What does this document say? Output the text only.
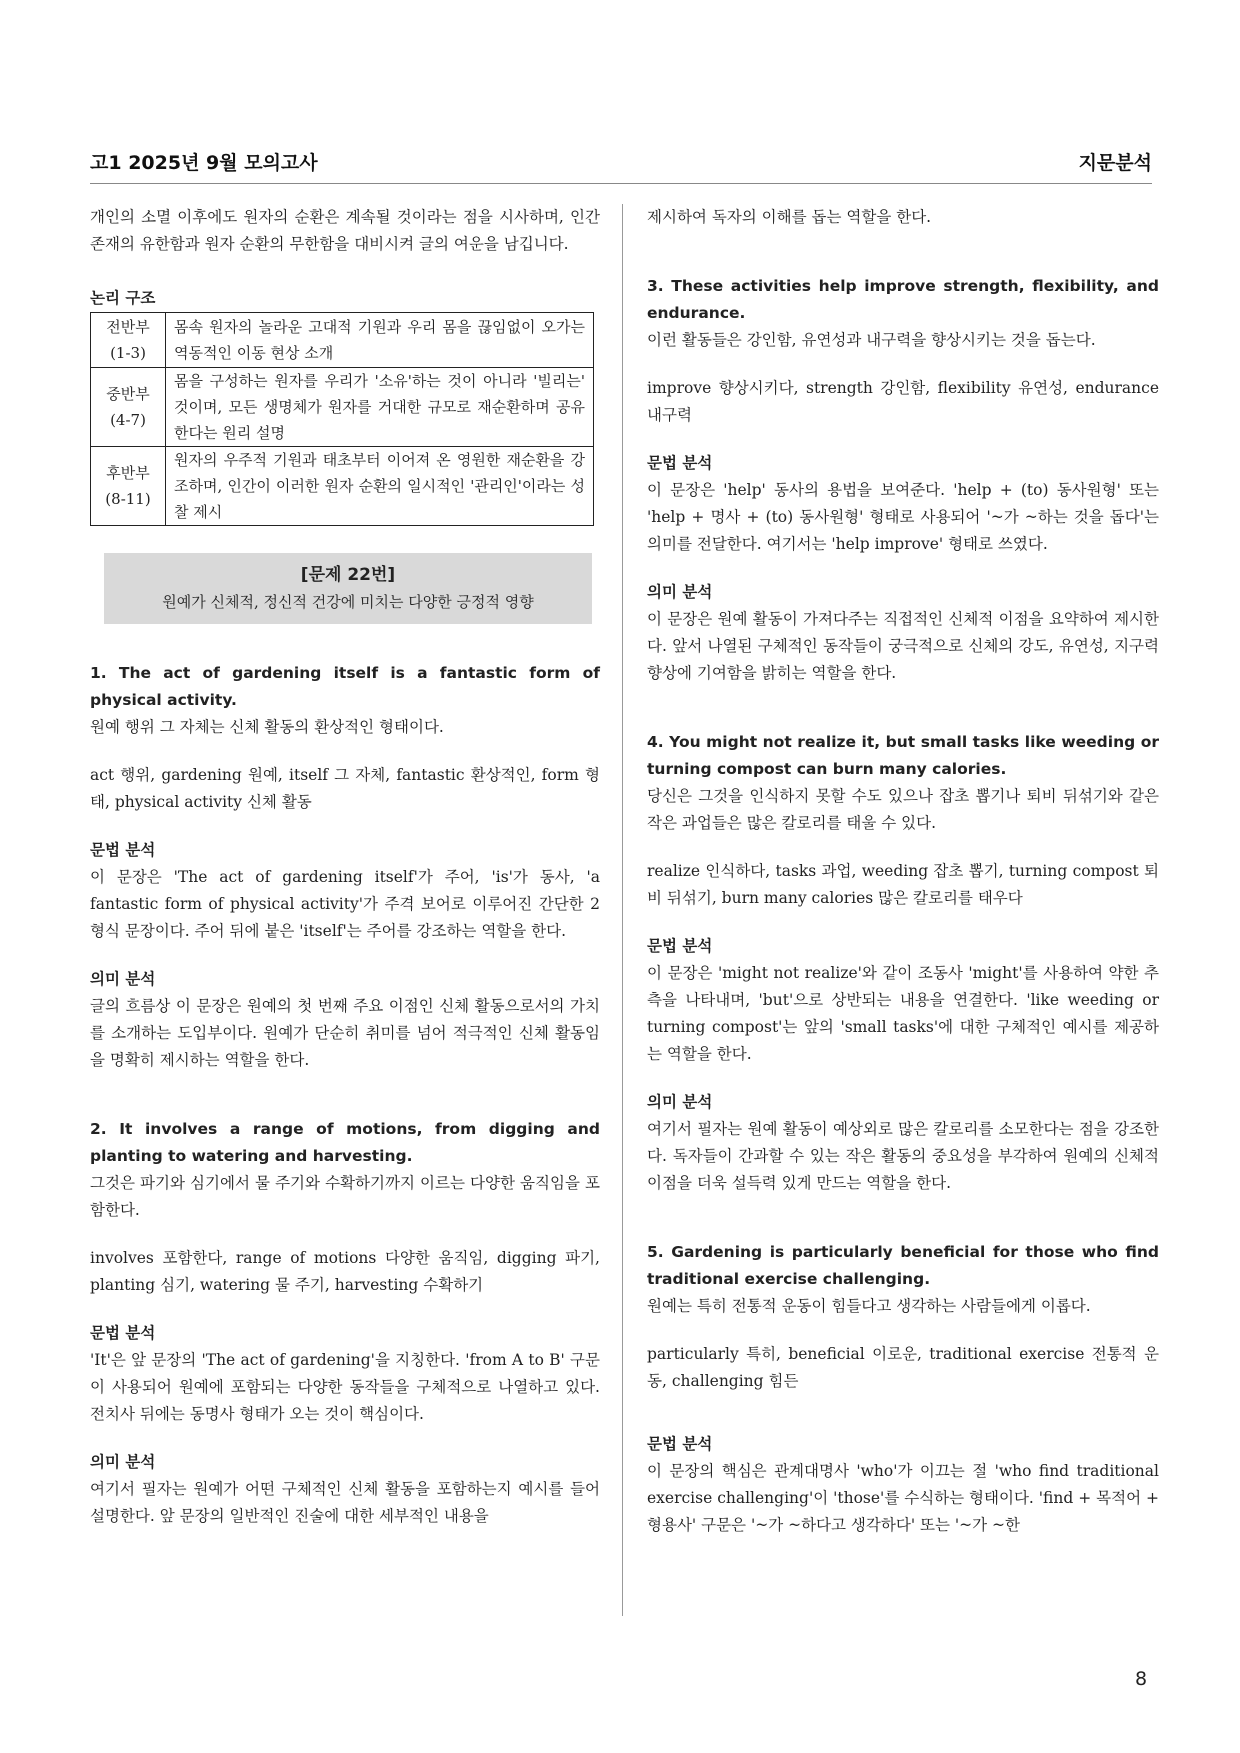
고1 2025년 9월 모의고사	지문분석

개인의 소멸 이후에도 원자의 순환은 계속될 것이라는 점을 시사하며, 인간 존재의 유한함과 원자 순환의 무한함을 대비시켜 글의 여운을 남깁니다.

논리 구조
전반부
(1-3)	몸속 원자의 놀라운 고대적 기원과 우리 몸을 끊임없이 오가는 역동적인 이동 현상 소개
중반부
(4-7)	몸을 구성하는 원자를 우리가 '소유'하는 것이 아니라 '빌리는' 것이며, 모든 생명체가 원자를 거대한 규모로 재순환하며 공유한다는 원리 설명
후반부
(8-11)	원자의 우주적 기원과 태초부터 이어져 온 영원한 재순환을 강조하며, 인간이 이러한 원자 순환의 일시적인 '관리인'이라는 성찰 제시
[문제 22번]
원예가 신체적, 정신적 건강에 미치는 다양한 긍정적 영향

1. The act of gardening itself is a fantastic form of physical activity.

원예 행위 그 자체는 신체 활동의 환상적인 형태이다.

act 행위, gardening 원예, itself 그 자체, fantastic 환상적인, form 형태, physical activity 신체 활동

문법 분석

이 문장은 'The act of gardening itself'가 주어, 'is'가 동사, 'a fantastic form of physical activity'가 주격 보어로 이루어진 간단한 2형식 문장이다. 주어 뒤에 붙은 'itself'는 주어를 강조하는 역할을 한다.

의미 분석

글의 흐름상 이 문장은 원예의 첫 번째 주요 이점인 신체 활동으로서의 가치를 소개하는 도입부이다. 원예가 단순히 취미를 넘어 적극적인 신체 활동임을 명확히 제시하는 역할을 한다.

2. It involves a range of motions, from digging and planting to watering and harvesting.

그것은 파기와 심기에서 물 주기와 수확하기까지 이르는 다양한 움직임을 포함한다.

involves 포함한다, range of motions 다양한 움직임, digging 파기, planting 심기, watering 물 주기, harvesting 수확하기

문법 분석

'It'은 앞 문장의 'The act of gardening'을 지칭한다. 'from A to B' 구문이 사용되어 원예에 포함되는 다양한 동작들을 구체적으로 나열하고 있다. 전치사 뒤에는 동명사 형태가 오는 것이 핵심이다.

의미 분석

여기서 필자는 원예가 어떤 구체적인 신체 활동을 포함하는지 예시를 들어 설명한다. 앞 문장의 일반적인 진술에 대한 세부적인 내용을

제시하여 독자의 이해를 돕는 역할을 한다.

3. These activities help improve strength, flexibility, and endurance.

이런 활동들은 강인함, 유연성과 내구력을 향상시키는 것을 돕는다.

improve 향상시키다, strength 강인함, flexibility 유연성, endurance 내구력

문법 분석

이 문장은 'help' 동사의 용법을 보여준다. 'help + (to) 동사원형' 또는 'help + 명사 + (to) 동사원형' 형태로 사용되어 '~가 ~하는 것을 돕다'는 의미를 전달한다. 여기서는 'help improve' 형태로 쓰였다.

의미 분석

이 문장은 원예 활동이 가져다주는 직접적인 신체적 이점을 요약하여 제시한다. 앞서 나열된 구체적인 동작들이 궁극적으로 신체의 강도, 유연성, 지구력 향상에 기여함을 밝히는 역할을 한다.

4. You might not realize it, but small tasks like weeding or turning compost can burn many calories.

당신은 그것을 인식하지 못할 수도 있으나 잡초 뽑기나 퇴비 뒤섞기와 같은 작은 과업들은 많은 칼로리를 태울 수 있다.

realize 인식하다, tasks 과업, weeding 잡초 뽑기, turning compost 퇴비 뒤섞기, burn many calories 많은 칼로리를 태우다

문법 분석

이 문장은 'might not realize'와 같이 조동사 'might'를 사용하여 약한 추측을 나타내며, 'but'으로 상반되는 내용을 연결한다. 'like weeding or turning compost'는 앞의 'small tasks'에 대한 구체적인 예시를 제공하는 역할을 한다.

의미 분석

여기서 필자는 원예 활동이 예상외로 많은 칼로리를 소모한다는 점을 강조한다. 독자들이 간과할 수 있는 작은 활동의 중요성을 부각하여 원예의 신체적 이점을 더욱 설득력 있게 만드는 역할을 한다.

5. Gardening is particularly beneficial for those who find traditional exercise challenging.

원예는 특히 전통적 운동이 힘들다고 생각하는 사람들에게 이롭다.

particularly 특히, beneficial 이로운, traditional exercise 전통적 운동, challenging 힘든

문법 분석

이 문장의 핵심은 관계대명사 'who'가 이끄는 절 'who find traditional exercise challenging'이 'those'를 수식하는 형태이다. 'find + 목적어 + 형용사' 구문은 '~가 ~하다고 생각하다' 또는 '~가 ~한

8
